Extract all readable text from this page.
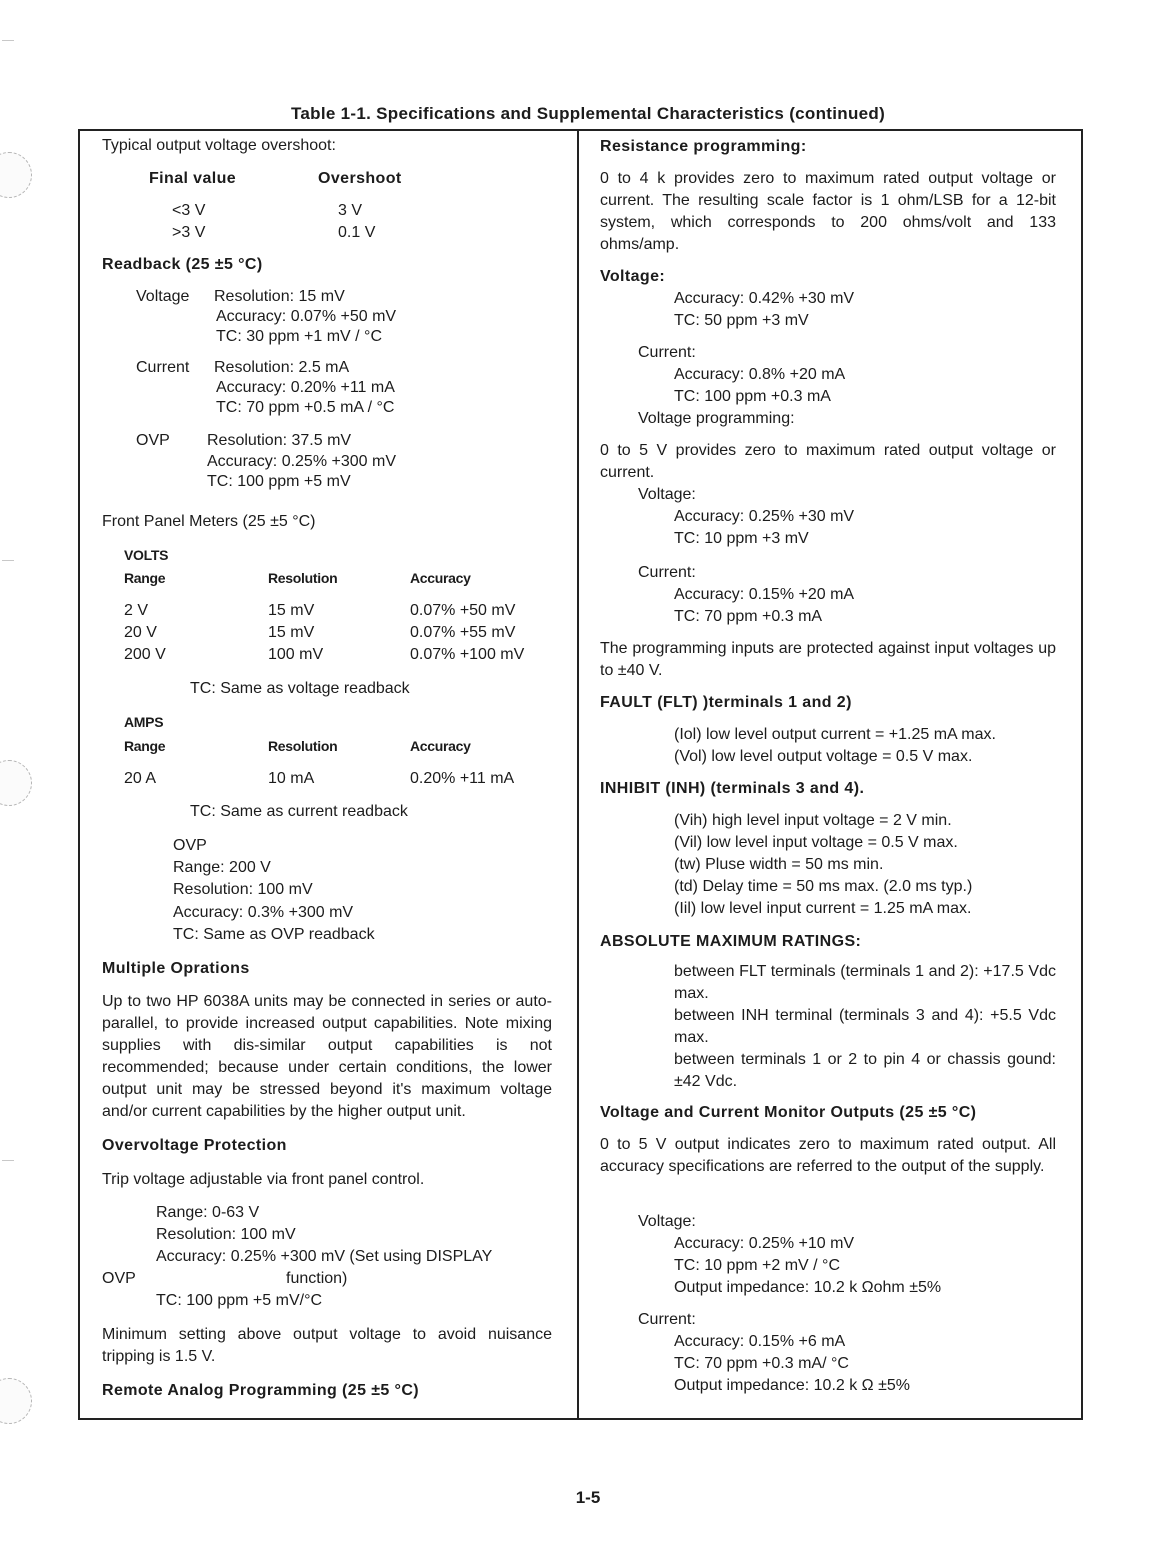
Table 1-1. Specifications and Supplemental Characteristics (continued)
Typical output voltage overshoot:
Final value	Overshoot
<3 V	3 V
>3 V	0.1 V
Readback (25 ±5 °C)
Voltage Resolution: 15 mV
Accuracy: 0.07% +50 mV
TC: 30 ppm +1 mV / °C
Current Resolution: 2.5 mA
Accuracy: 0.20% +11 mA
TC: 70 ppm +0.5 mA / °C
OVP Resolution: 37.5 mV
Accuracy: 0.25% +300 mV
TC: 100 ppm +5 mV
Front Panel Meters (25 ±5 °C)
VOLTS
Range	Resolution	Accuracy
2 V	15 mV	0.07% +50 mV
20 V	15 mV	0.07% +55 mV
200 V	100 mV	0.07% +100 mV
TC: Same as voltage readback
AMPS
Range	Resolution	Accuracy
20 A	10 mA	0.20% +11 mA
TC: Same as current readback
OVP
Range: 200 V
Resolution: 100 mV
Accuracy: 0.3% +300 mV
TC: Same as OVP readback
Multiple Oprations
Up to two HP 6038A units may be connected in series or auto-parallel, to provide increased output capabilities. Note mixing supplies with dis-similar output capabilities is not recommended; because under certain conditions, the lower output unit may be stressed beyond it's maximum voltage and/or current capabilities by the higher output unit.
Overvoltage Protection
Trip voltage adjustable via front panel control.
Range: 0-63 V
Resolution: 100 mV
Accuracy: 0.25% +300 mV (Set using DISPLAY
OVP	function)
TC: 100 ppm +5 mV/°C
Minimum setting above output voltage to avoid nuisance tripping is 1.5 V.
Remote Analog Programming (25 ±5 °C)
Resistance programming:
0 to 4 k provides zero to maximum rated output voltage or current. The resulting scale factor is 1 ohm/LSB for a 12-bit system, which corresponds to 200 ohms/volt and 133 ohms/amp.
Voltage:
Accuracy: 0.42% +30 mV
TC: 50 ppm +3 mV
Current:
Accuracy: 0.8% +20 mA
TC: 100 ppm +0.3 mA
Voltage programming:
0 to 5 V provides zero to maximum rated output voltage or current.
Voltage:
Accuracy: 0.25% +30 mV
TC: 10 ppm +3 mV
Current:
Accuracy: 0.15% +20 mA
TC: 70 ppm +0.3 mA
The programming inputs are protected against input voltages up to ±40 V.
FAULT (FLT) )terminals 1 and 2)
(Iol) low level output current = +1.25 mA max.
(Vol) low level output voltage = 0.5 V max.
INHIBIT (INH) (terminals 3 and 4).
(Vih) high level input voltage = 2 V min.
(Vil) low level input voltage = 0.5 V max.
(tw) Pluse width = 50 ms min.
(td) Delay time = 50 ms max. (2.0 ms typ.)
(Iil) low level input current = 1.25 mA max.
ABSOLUTE MAXIMUM RATINGS:
between FLT terminals (terminals 1 and 2): +17.5 Vdc max.
between INH terminal (terminals 3 and 4): +5.5 Vdc max.
between terminals 1 or 2 to pin 4 or chassis gound: ±42 Vdc.
Voltage and Current Monitor Outputs (25 ±5 °C)
0 to 5 V output indicates zero to maximum rated output. All accuracy specifications are referred to the output of the supply.
Voltage:
Accuracy: 0.25% +10 mV
TC: 10 ppm +2 mV / °C
Output impedance: 10.2 k Ωohm ±5%
Current:
Accuracy: 0.15% +6 mA
TC: 70 ppm +0.3 mA/ °C
Output impedance: 10.2 k Ω ±5%
1-5
